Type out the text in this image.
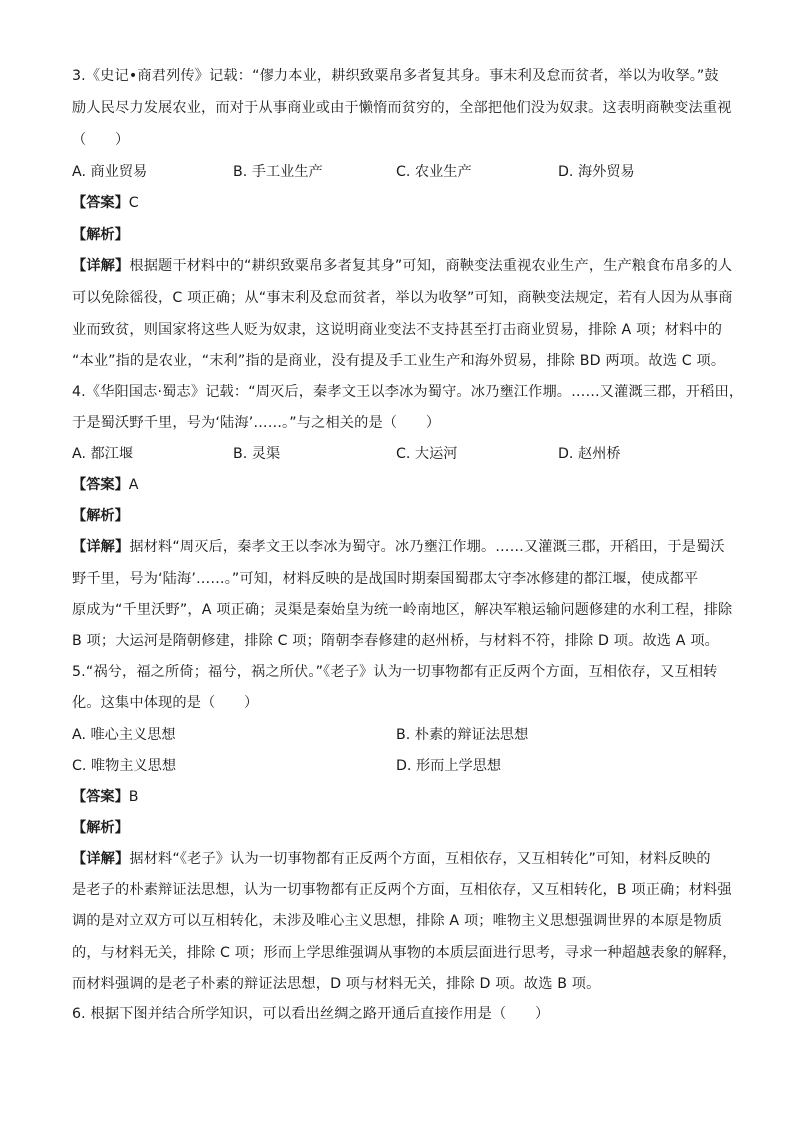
3.《史记•商君列传》记载：“僇力本业，耕织致粟帛多者复其身。事末利及怠而贫者，举以为收孥。”鼓
励人民尽力发展农业，而对于从事商业或由于懒惰而贫穷的，全部把他们没为奴隶。这表明商鞅变法重视
（　　）
A. 商业贸易	B. 手工业生产	C. 农业生产	D. 海外贸易
【答案】C
【解析】
【详解】根据题干材料中的“耕织致粟帛多者复其身”可知，商鞅变法重视农业生产，生产粮食布帛多的人
可以免除徭役，C 项正确；从“事末利及怠而贫者，举以为收孥”可知，商鞅变法规定，若有人因为从事商
业而致贫，则国家将这些人贬为奴隶，这说明商业变法不支持甚至打击商业贸易，排除 A 项；材料中的
“本业”指的是农业，“末利”指的是商业，没有提及手工业生产和海外贸易，排除 BD 两项。故选 C 项。
4.《华阳国志·蜀志》记载：“周灭后，秦孝文王以李冰为蜀守。冰乃壅江作堋。……又灌溉三郡，开稻田，
于是蜀沃野千里，号为‘陆海’……。”与之相关的是（　　）
A. 都江堰	B. 灵渠	C. 大运河	D. 赵州桥
【答案】A
【解析】
【详解】据材料“周灭后，秦孝文王以李冰为蜀守。冰乃壅江作堋。……又灌溉三郡，开稻田，于是蜀沃
野千里，号为‘陆海’……。”可知，材料反映的是战国时期秦国蜀郡太守李冰修建的都江堰，使成都平
原成为“千里沃野”，A 项正确；灵渠是秦始皇为统一岭南地区，解决军粮运输问题修建的水利工程，排除
B 项；大运河是隋朝修建，排除 C 项；隋朝李春修建的赵州桥，与材料不符，排除 D 项。故选 A 项。
5.“祸兮，福之所倚；福兮，祸之所伏。”《老子》认为一切事物都有正反两个方面，互相依存，又互相转
化。这集中体现的是（　　）
A. 唯心主义思想	B. 朴素的辩证法思想
C. 唯物主义思想	D. 形而上学思想
【答案】B
【解析】
【详解】据材料“《老子》认为一切事物都有正反两个方面，互相依存，又互相转化”可知，材料反映的
是老子的朴素辩证法思想，认为一切事物都有正反两个方面，互相依存，又互相转化，B 项正确；材料强
调的是对立双方可以互相转化，未涉及唯心主义思想，排除 A 项；唯物主义思想强调世界的本原是物质
的，与材料无关，排除 C 项；形而上学思维强调从事物的本质层面进行思考，寻求一种超越表象的解释，
而材料强调的是老子朴素的辩证法思想，D 项与材料无关，排除 D 项。故选 B 项。
6. 根据下图并结合所学知识，可以看出丝绸之路开通后直接作用是（　　）
